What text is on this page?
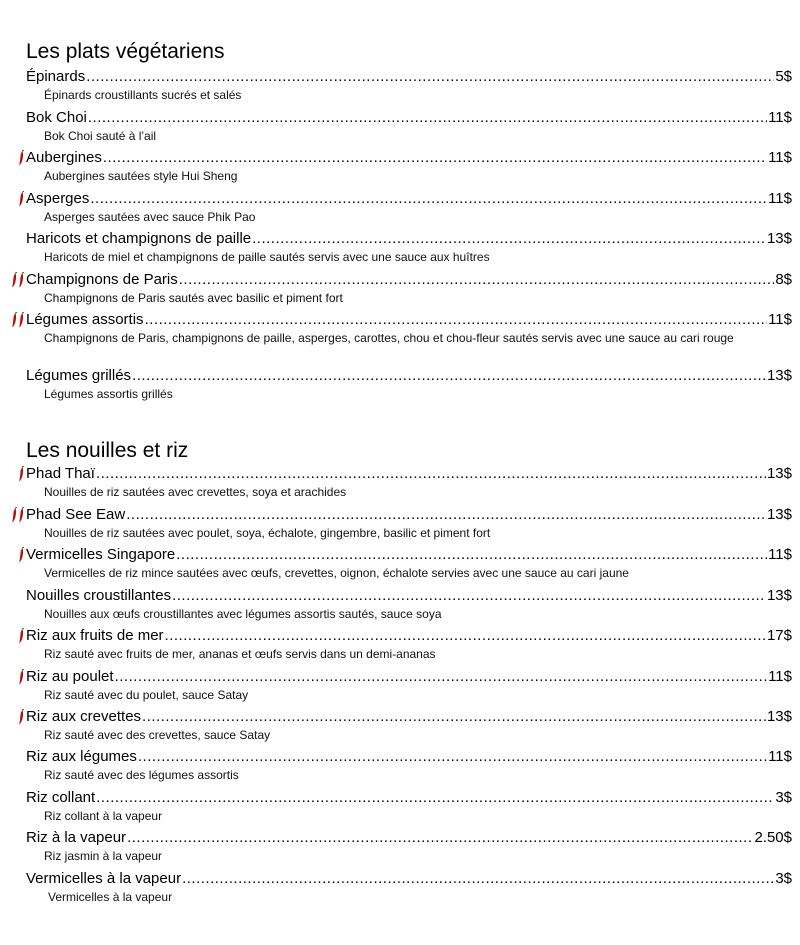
Les plats végétariens
Les nouilles et riz
Épinards .....	5$
Épinards croustillants sucrés et salés
Bok Choi .....	11$
Bok Choi sauté à l’ail
Aubergines .....	11$
Aubergines sautées style Hui Sheng
Asperges .....	11$
Asperges sautées avec sauce Phik Pao
Haricots et champignons de paille .....	13$
Haricots de miel et champignons de paille sautés servis avec une sauce aux huîtres
Champignons de Paris .....	8$
Champignons de Paris sautés avec basilic et piment fort
Légumes assortis .....	11$
Champignons de Paris, champignons de paille, asperges, carottes, chou et chou-fleur sautés servis avec une sauce au cari rouge
Légumes grillés .....	13$
Légumes assortis grillés
Phad Thaï .....	13$
Nouilles de riz sautées avec crevettes, soya et arachides
Phad See Eaw .....	13$
Nouilles de riz sautées avec poulet, soya, échalote, gingembre, basilic et piment fort
Vermicelles Singapore .....	11$
Vermicelles de riz mince sautées avec œufs, crevettes, oignon, échalote servies avec une sauce au cari jaune
Nouilles croustillantes .....	13$
Nouilles aux œufs croustillantes avec légumes assortis sautés, sauce soya
Riz aux fruits de mer .....	17$
Riz sauté avec fruits de mer, ananas et œufs servis dans un demi-ananas
Riz au poulet .....	11$
Riz sauté avec du poulet, sauce Satay
Riz aux crevettes .....	13$
Riz sauté avec des crevettes, sauce Satay
Riz aux légumes .....	11$
Riz sauté avec des légumes assortis
Riz collant .....	3$
Riz collant à la vapeur
Riz à la vapeur .....	2.50$
Riz jasmin à la vapeur
Vermicelles à la vapeur .....	3$
Vermicelles à la vapeur
